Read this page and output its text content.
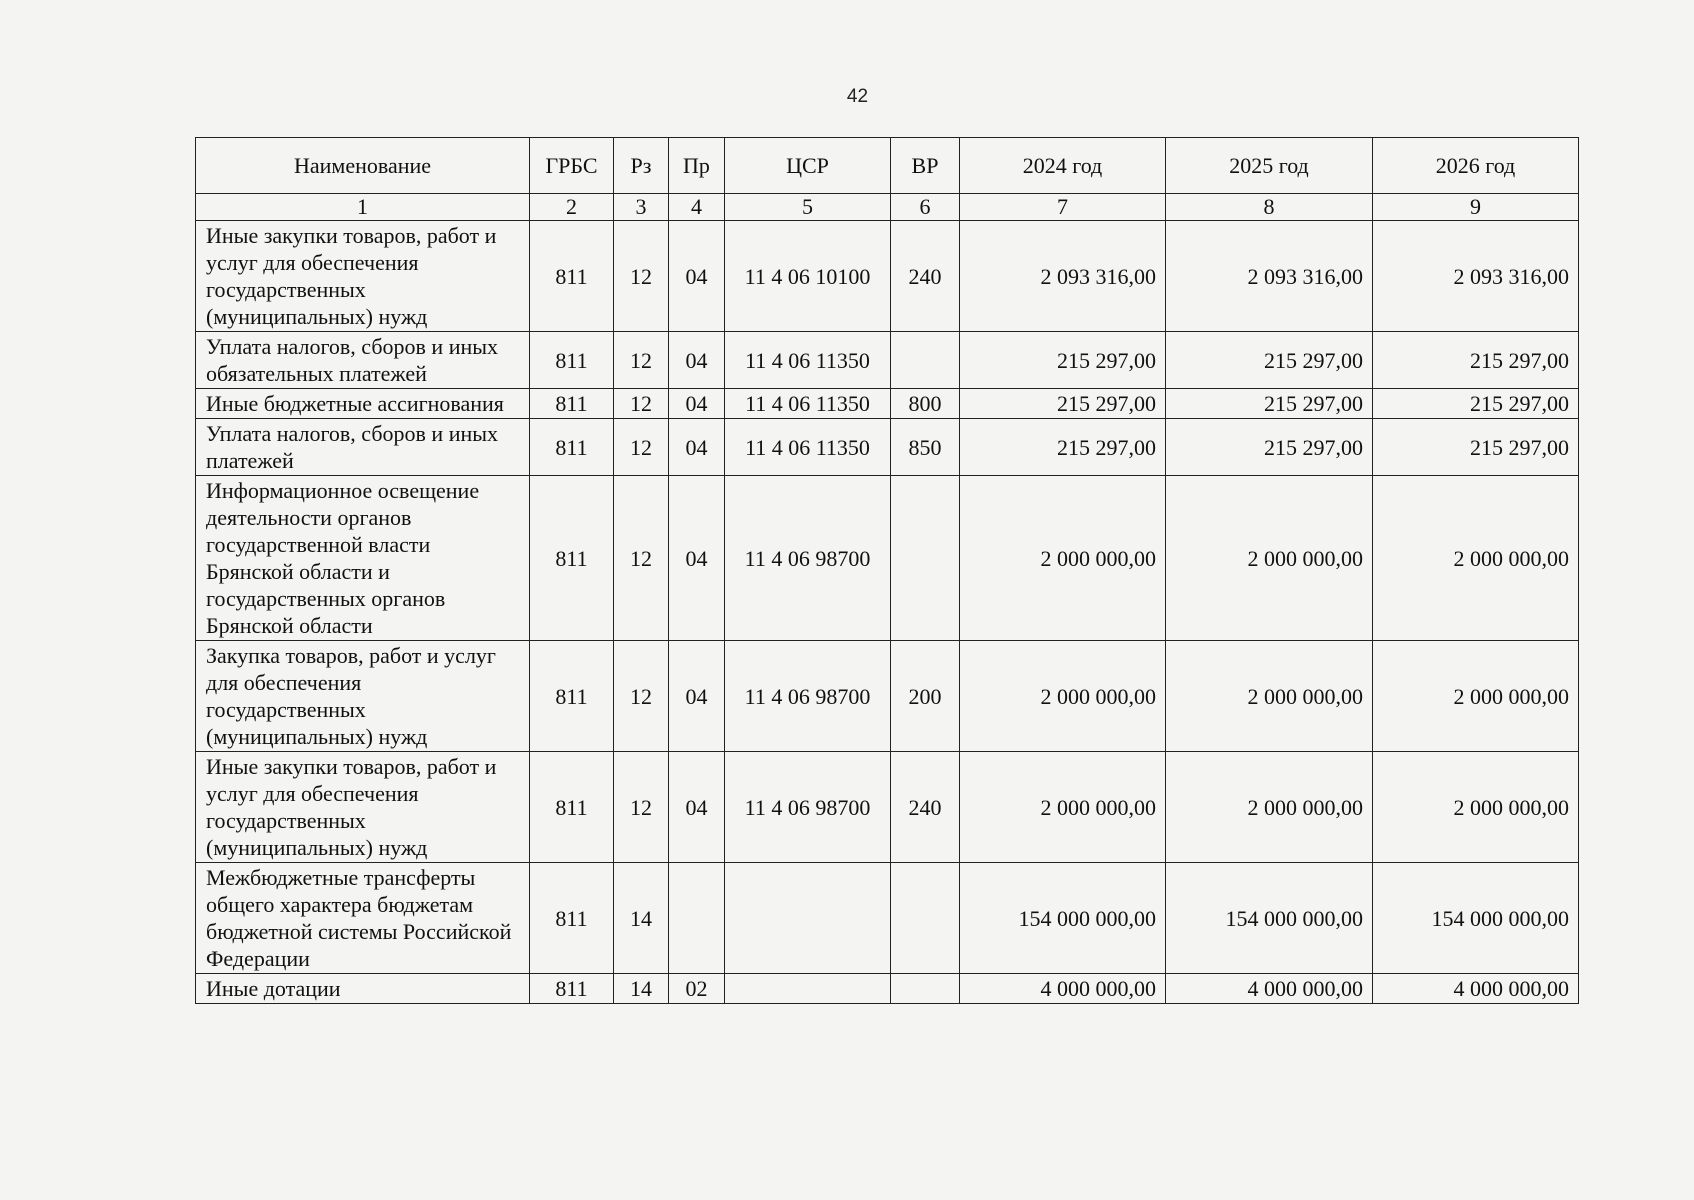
42
Наименование	ГРБС	Рз	Пр	ЦСР	ВР	2024 год	2025 год	2026 год
1	2	3	4	5	6	7	8	9
Иные закупки товаров, работ и услуг для обеспечения государственных (муниципальных) нужд	811	12	04	11 4 06 10100	240	2 093 316,00	2 093 316,00	2 093 316,00
Уплата налогов, сборов и иных обязательных платежей	811	12	04	11 4 06 11350		215 297,00	215 297,00	215 297,00
Иные бюджетные ассигнования	811	12	04	11 4 06 11350	800	215 297,00	215 297,00	215 297,00
Уплата налогов, сборов и иных платежей	811	12	04	11 4 06 11350	850	215 297,00	215 297,00	215 297,00
Информационное освещение деятельности органов государственной власти Брянской области и государственных органов Брянской области	811	12	04	11 4 06 98700		2 000 000,00	2 000 000,00	2 000 000,00
Закупка товаров, работ и услуг для обеспечения государственных (муниципальных) нужд	811	12	04	11 4 06 98700	200	2 000 000,00	2 000 000,00	2 000 000,00
Иные закупки товаров, работ и услуг для обеспечения государственных (муниципальных) нужд	811	12	04	11 4 06 98700	240	2 000 000,00	2 000 000,00	2 000 000,00
Межбюджетные трансферты общего характера бюджетам бюджетной системы Российской Федерации	811	14				154 000 000,00	154 000 000,00	154 000 000,00
Иные дотации	811	14	02			4 000 000,00	4 000 000,00	4 000 000,00
